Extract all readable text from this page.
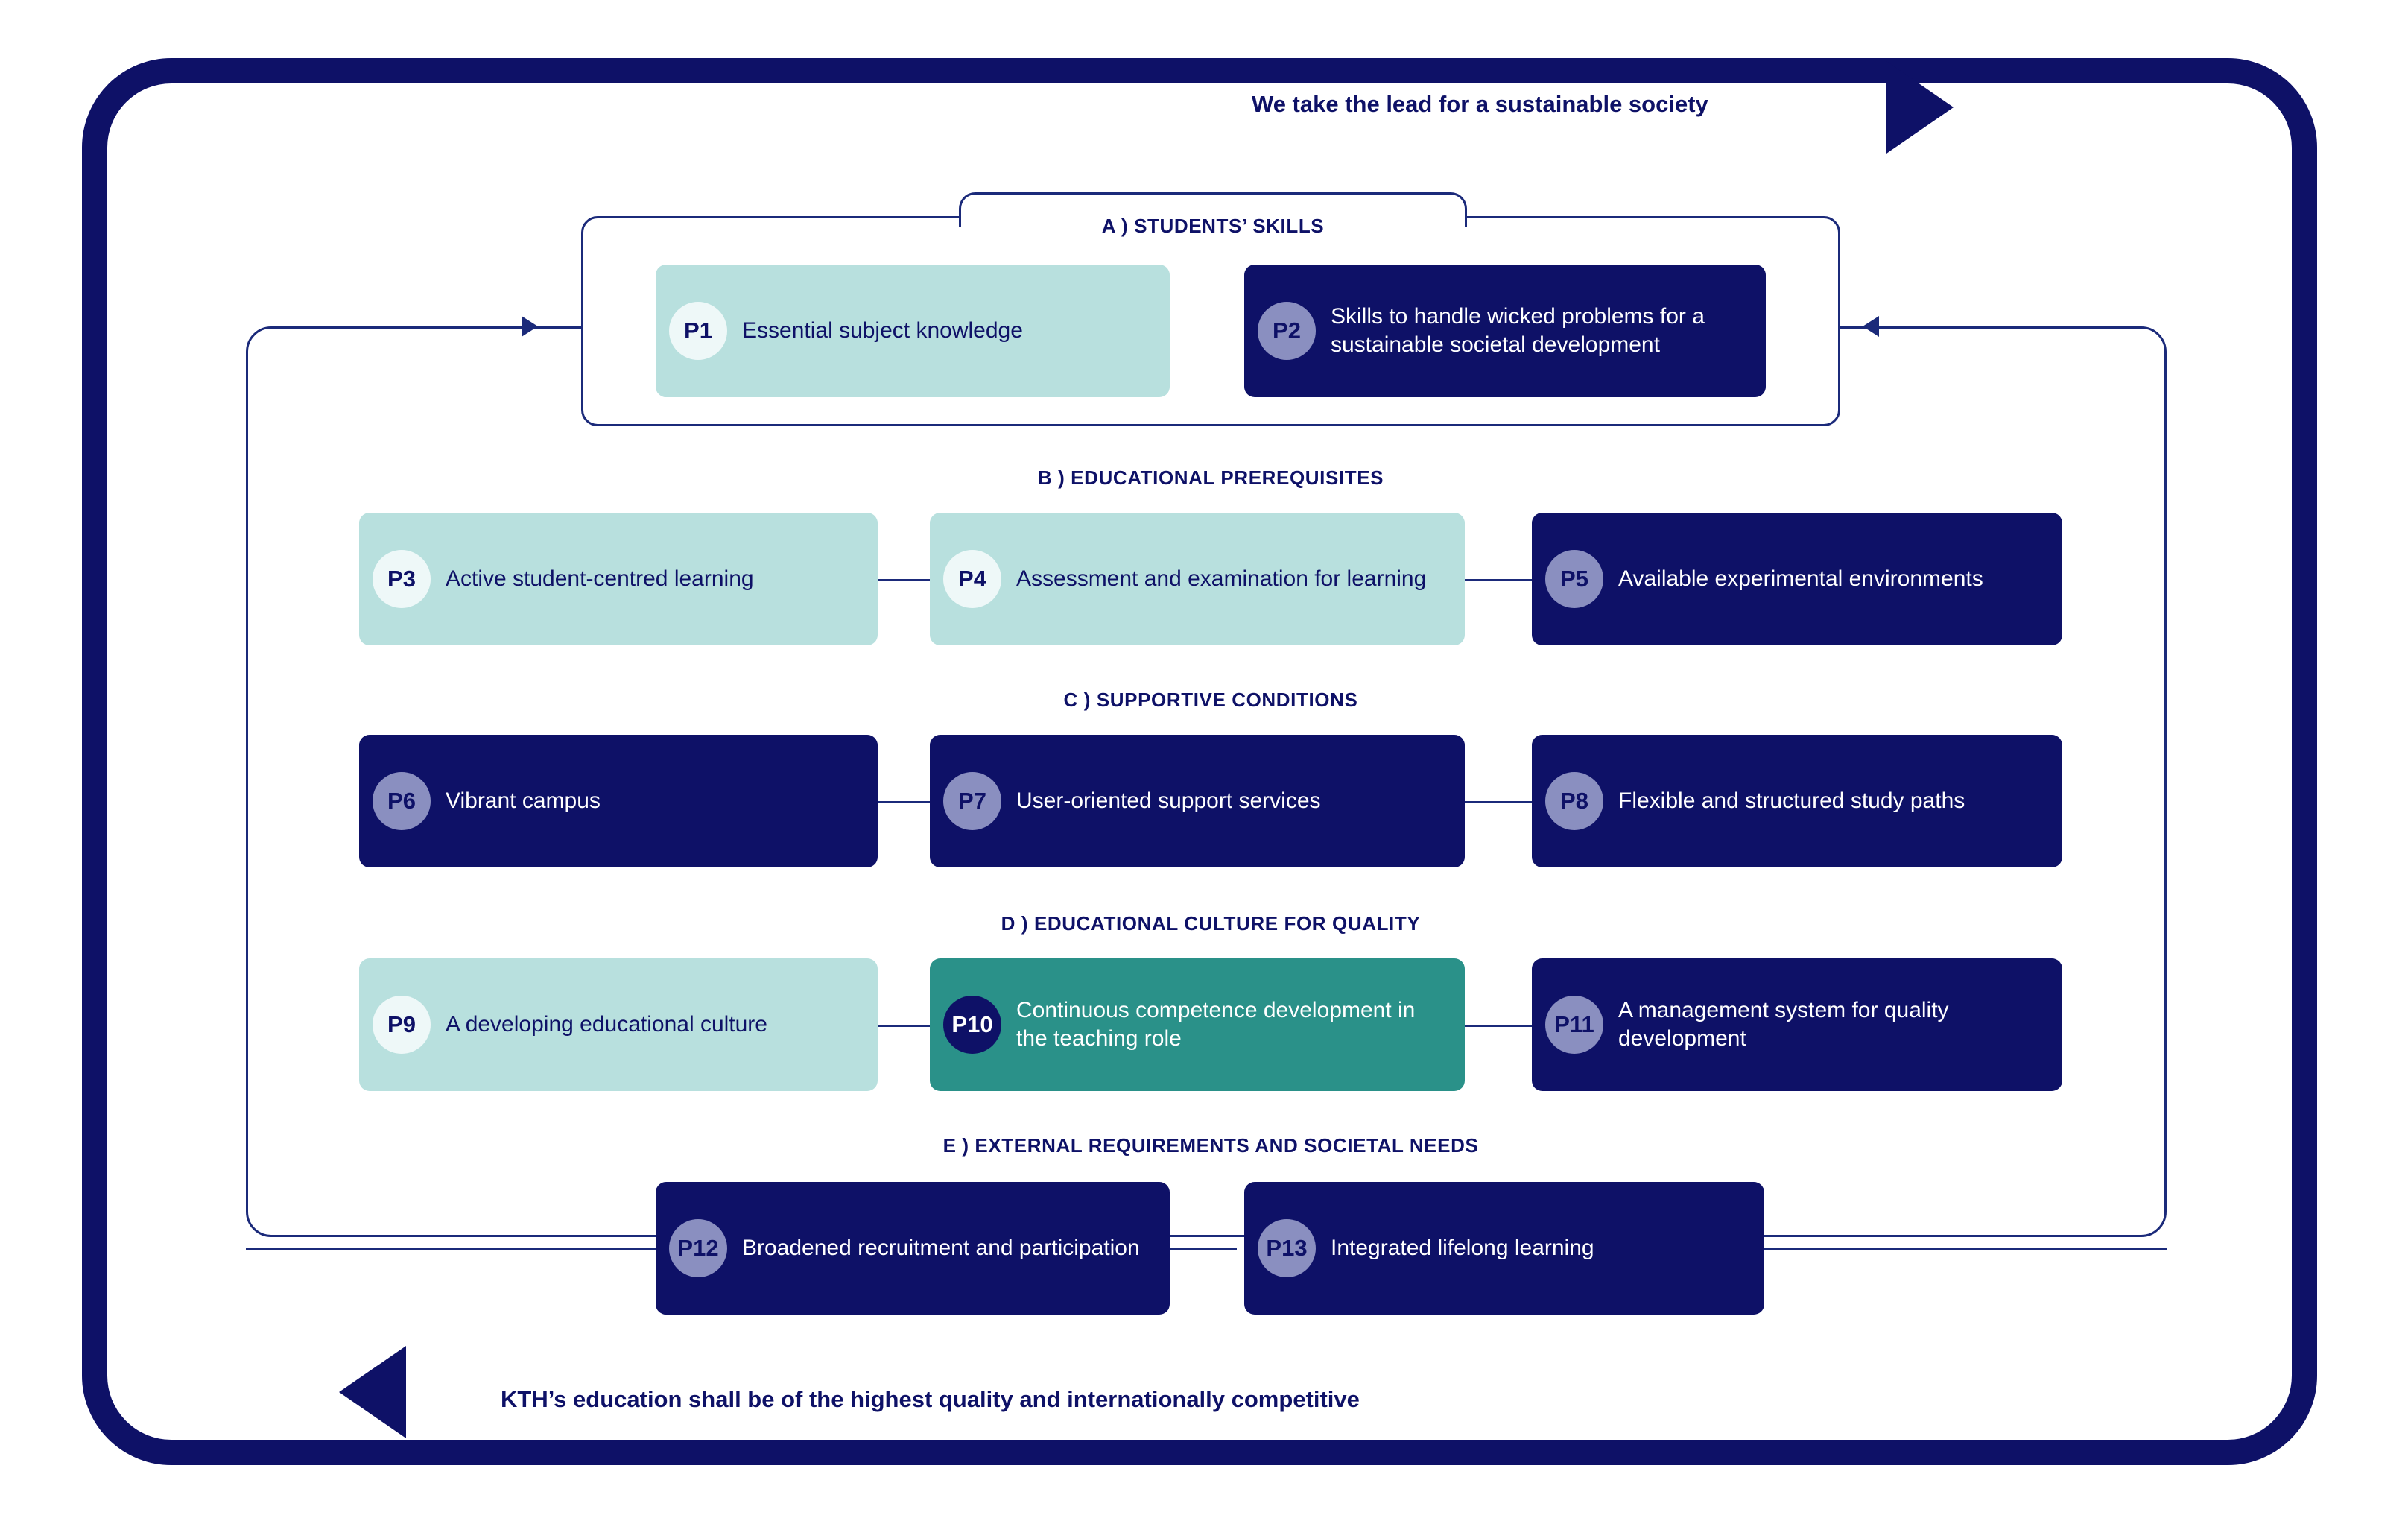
We take the lead for a sustainable society
KTH’s education shall be of the highest quality and internationally competitive
A ) STUDENTS’ SKILLS
P1	Essential subject knowledge	P2
Skills to handle wicked problems for a sustainable societal development
B ) EDUCATIONAL PREREQUISITES
P3	Active student-centred learning	P4	Assessment and examination for learning	P5	Available experimental environments
C ) SUPPORTIVE CONDITIONS
P6	Vibrant campus	P7	User-oriented support services	P8	Flexible and structured study paths
D ) EDUCATIONAL CULTURE FOR QUALITY
P9	A developing educational culture	P10
Continuous competence development in the teaching role
P11
A management system for quality development
E ) EXTERNAL REQUIREMENTS AND SOCIETAL NEEDS
P12	Broadened recruitment and participation	P13	Integrated lifelong learning
